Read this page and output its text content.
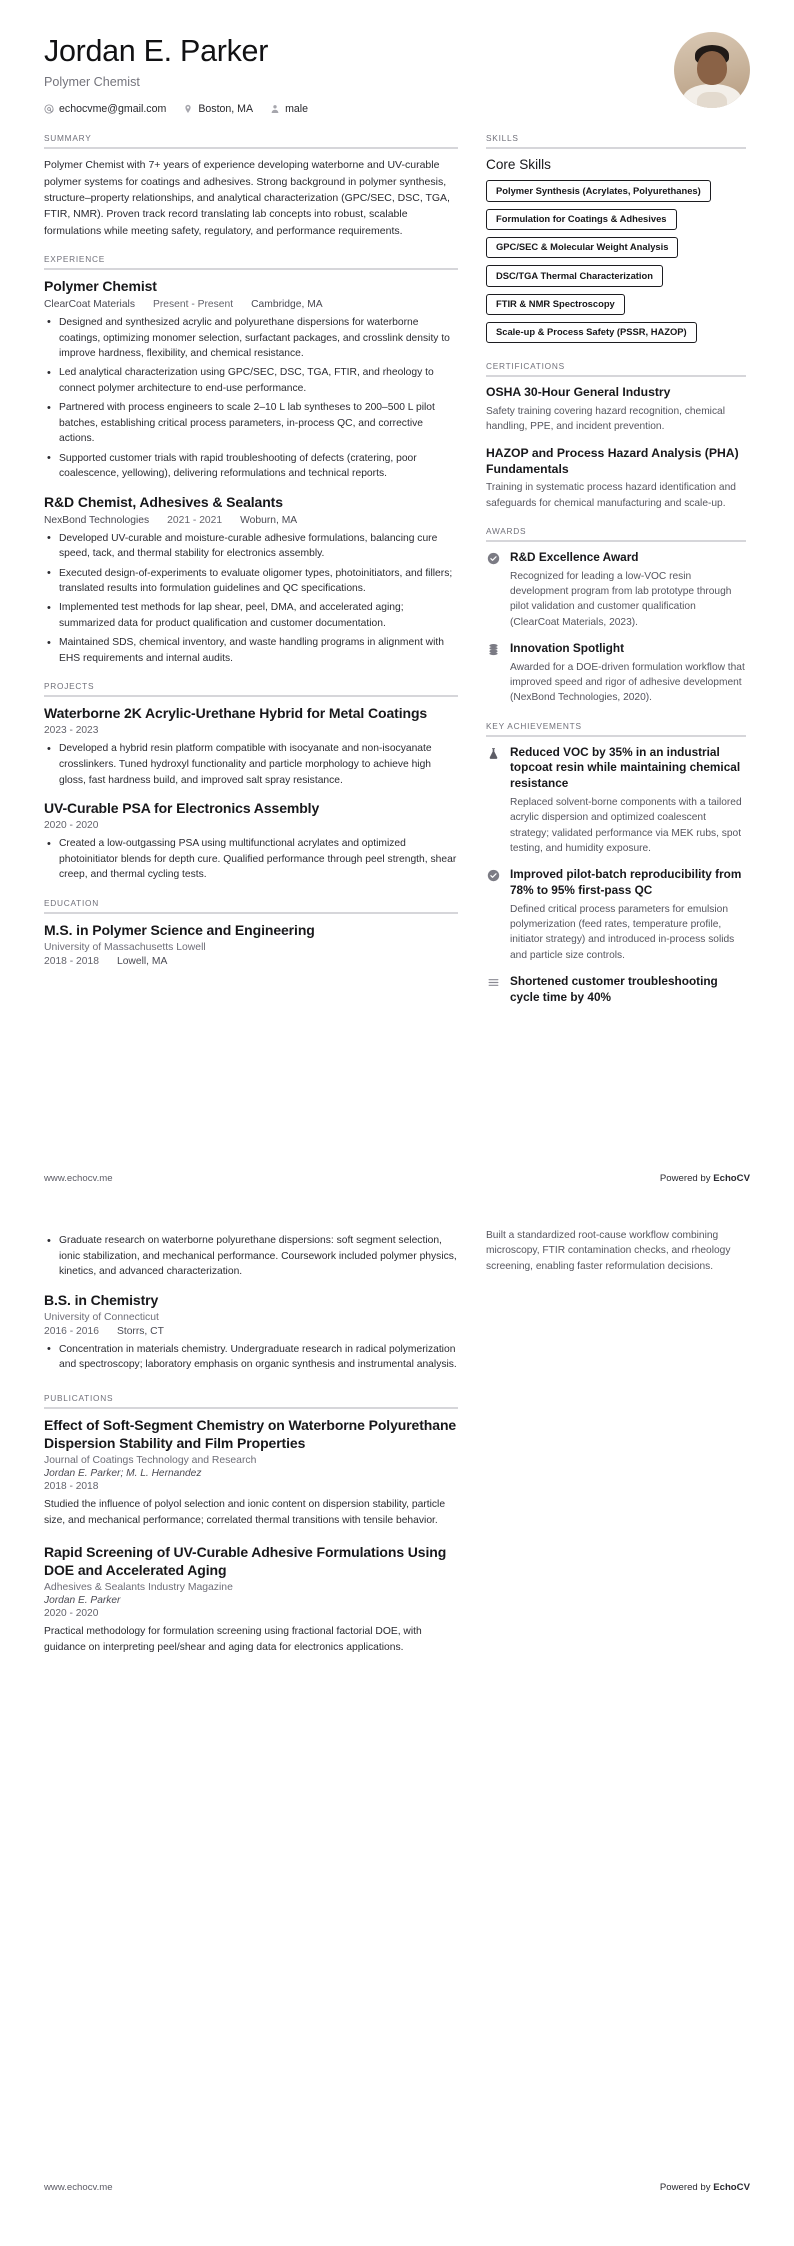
Jordan E. Parker
Polymer Chemist
echocvme@gmail.com	Boston, MA	male
SUMMARY
Polymer Chemist with 7+ years of experience developing waterborne and UV-curable polymer systems for coatings and adhesives. Strong background in polymer synthesis, structure–property relationships, and analytical characterization (GPC/SEC, DSC, TGA, FTIR, NMR). Proven track record translating lab concepts into robust, scalable formulations while meeting safety, regulatory, and performance requirements.
EXPERIENCE
Polymer Chemist
ClearCoat Materials Present - Present Cambridge, MA
• Designed and synthesized acrylic and polyurethane dispersions for waterborne coatings, optimizing monomer selection, surfactant packages, and crosslink density to improve hardness, flexibility, and chemical resistance.
• Led analytical characterization using GPC/SEC, DSC, TGA, FTIR, and rheology to connect polymer architecture to end-use performance.
• Partnered with process engineers to scale 2–10 L lab syntheses to 200–500 L pilot batches, establishing critical process parameters, in-process QC, and corrective actions.
• Supported customer trials with rapid troubleshooting of defects (cratering, poor coalescence, yellowing), delivering reformulations and technical reports.
R&D Chemist, Adhesives & Sealants
NexBond Technologies 2021 - 2021 Woburn, MA
• Developed UV-curable and moisture-curable adhesive formulations, balancing cure speed, tack, and thermal stability for electronics assembly.
• Executed design-of-experiments to evaluate oligomer types, photoinitiators, and fillers; translated results into formulation guidelines and QC specifications.
• Implemented test methods for lap shear, peel, DMA, and accelerated aging; summarized data for product qualification and customer documentation.
• Maintained SDS, chemical inventory, and waste handling programs in alignment with EHS requirements and internal audits.
PROJECTS
Waterborne 2K Acrylic-Urethane Hybrid for Metal Coatings
2023 - 2023
• Developed a hybrid resin platform compatible with isocyanate and non-isocyanate crosslinkers. Tuned hydroxyl functionality and particle morphology to achieve high gloss, fast hardness build, and improved salt spray resistance.
UV-Curable PSA for Electronics Assembly
2020 - 2020
• Created a low-outgassing PSA using multifunctional acrylates and optimized photoinitiator blends for depth cure. Qualified performance through peel strength, shear creep, and thermal cycling tests.
EDUCATION
M.S. in Polymer Science and Engineering
University of Massachusetts Lowell
2018 - 2018 Lowell, MA
SKILLS
Core Skills
Polymer Synthesis (Acrylates, Polyurethanes)
Formulation for Coatings & Adhesives
GPC/SEC & Molecular Weight Analysis
DSC/TGA Thermal Characterization
FTIR & NMR Spectroscopy
Scale-up & Process Safety (PSSR, HAZOP)
CERTIFICATIONS
OSHA 30-Hour General Industry
Safety training covering hazard recognition, chemical handling, PPE, and incident prevention.
HAZOP and Process Hazard Analysis (PHA) Fundamentals
Training in systematic process hazard identification and safeguards for chemical manufacturing and scale-up.
AWARDS
R&D Excellence Award
Recognized for leading a low-VOC resin development program from lab prototype through pilot validation and customer qualification (ClearCoat Materials, 2023).
Innovation Spotlight
Awarded for a DOE-driven formulation workflow that improved speed and rigor of adhesive development (NexBond Technologies, 2020).
KEY ACHIEVEMENTS
Reduced VOC by 35% in an industrial topcoat resin while maintaining chemical resistance
Replaced solvent-borne components with a tailored acrylic dispersion and optimized coalescent strategy; validated performance via MEK rubs, spot testing, and humidity exposure.
Improved pilot-batch reproducibility from 78% to 95% first-pass QC
Defined critical process parameters for emulsion polymerization (feed rates, temperature profile, initiator strategy) and introduced in-process solids and particle size controls.
Shortened customer troubleshooting cycle time by 40%
www.echocv.me	Powered by EchoCV
• Graduate research on waterborne polyurethane dispersions: soft segment selection, ionic stabilization, and mechanical performance. Coursework included polymer physics, kinetics, and advanced characterization.
B.S. in Chemistry
University of Connecticut
2016 - 2016 Storrs, CT
• Concentration in materials chemistry. Undergraduate research in radical polymerization and spectroscopy; laboratory emphasis on organic synthesis and instrumental analysis.
PUBLICATIONS
Effect of Soft-Segment Chemistry on Waterborne Polyurethane Dispersion Stability and Film Properties
Journal of Coatings Technology and Research
Jordan E. Parker; M. L. Hernandez
2018 - 2018
Studied the influence of polyol selection and ionic content on dispersion stability, particle size, and mechanical performance; correlated thermal transitions with tensile behavior.
Rapid Screening of UV-Curable Adhesive Formulations Using DOE and Accelerated Aging
Adhesives & Sealants Industry Magazine
Jordan E. Parker
2020 - 2020
Practical methodology for formulation screening using fractional factorial DOE, with guidance on interpreting peel/shear and aging data for electronics applications.
Built a standardized root-cause workflow combining microscopy, FTIR contamination checks, and rheology screening, enabling faster reformulation decisions.
www.echocv.me	Powered by EchoCV
